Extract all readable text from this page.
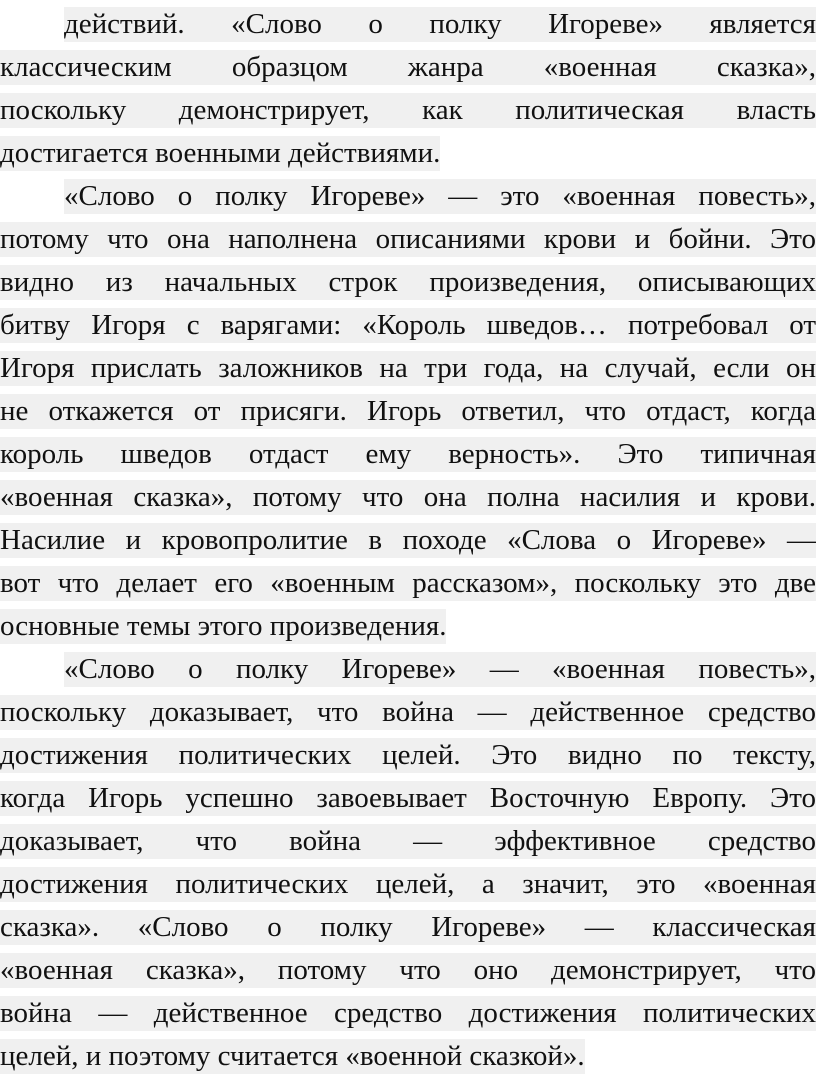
действий. «Слово о полку Игореве» является
классическим образцом жанра «военная сказка»,
поскольку демонстрирует, как политическая власть
достигается военными действиями.
«Слово о полку Игореве» — это «военная повесть»,
потому что она наполнена описаниями крови и бойни. Это
видно из начальных строк произведения, описывающих
битву Игоря с варягами: «Король шведов… потребовал от
Игоря прислать заложников на три года, на случай, если он
не откажется от присяги. Игорь ответил, что отдаст, когда
король шведов отдаст ему верность». Это типичная
«военная сказка», потому что она полна насилия и крови.
Насилие и кровопролитие в походе «Слова о Игореве» —
вот что делает его «военным рассказом», поскольку это две
основные темы этого произведения.
«Слово о полку Игореве» — «военная повесть»,
поскольку доказывает, что война — действенное средство
достижения политических целей. Это видно по тексту,
когда Игорь успешно завоевывает Восточную Европу. Это
доказывает, что война — эффективное средство
достижения политических целей, а значит, это «военная
сказка». «Слово о полку Игореве» — классическая
«военная сказка», потому что оно демонстрирует, что
война — действенное средство достижения политических
целей, и поэтому считается «военной сказкой».
